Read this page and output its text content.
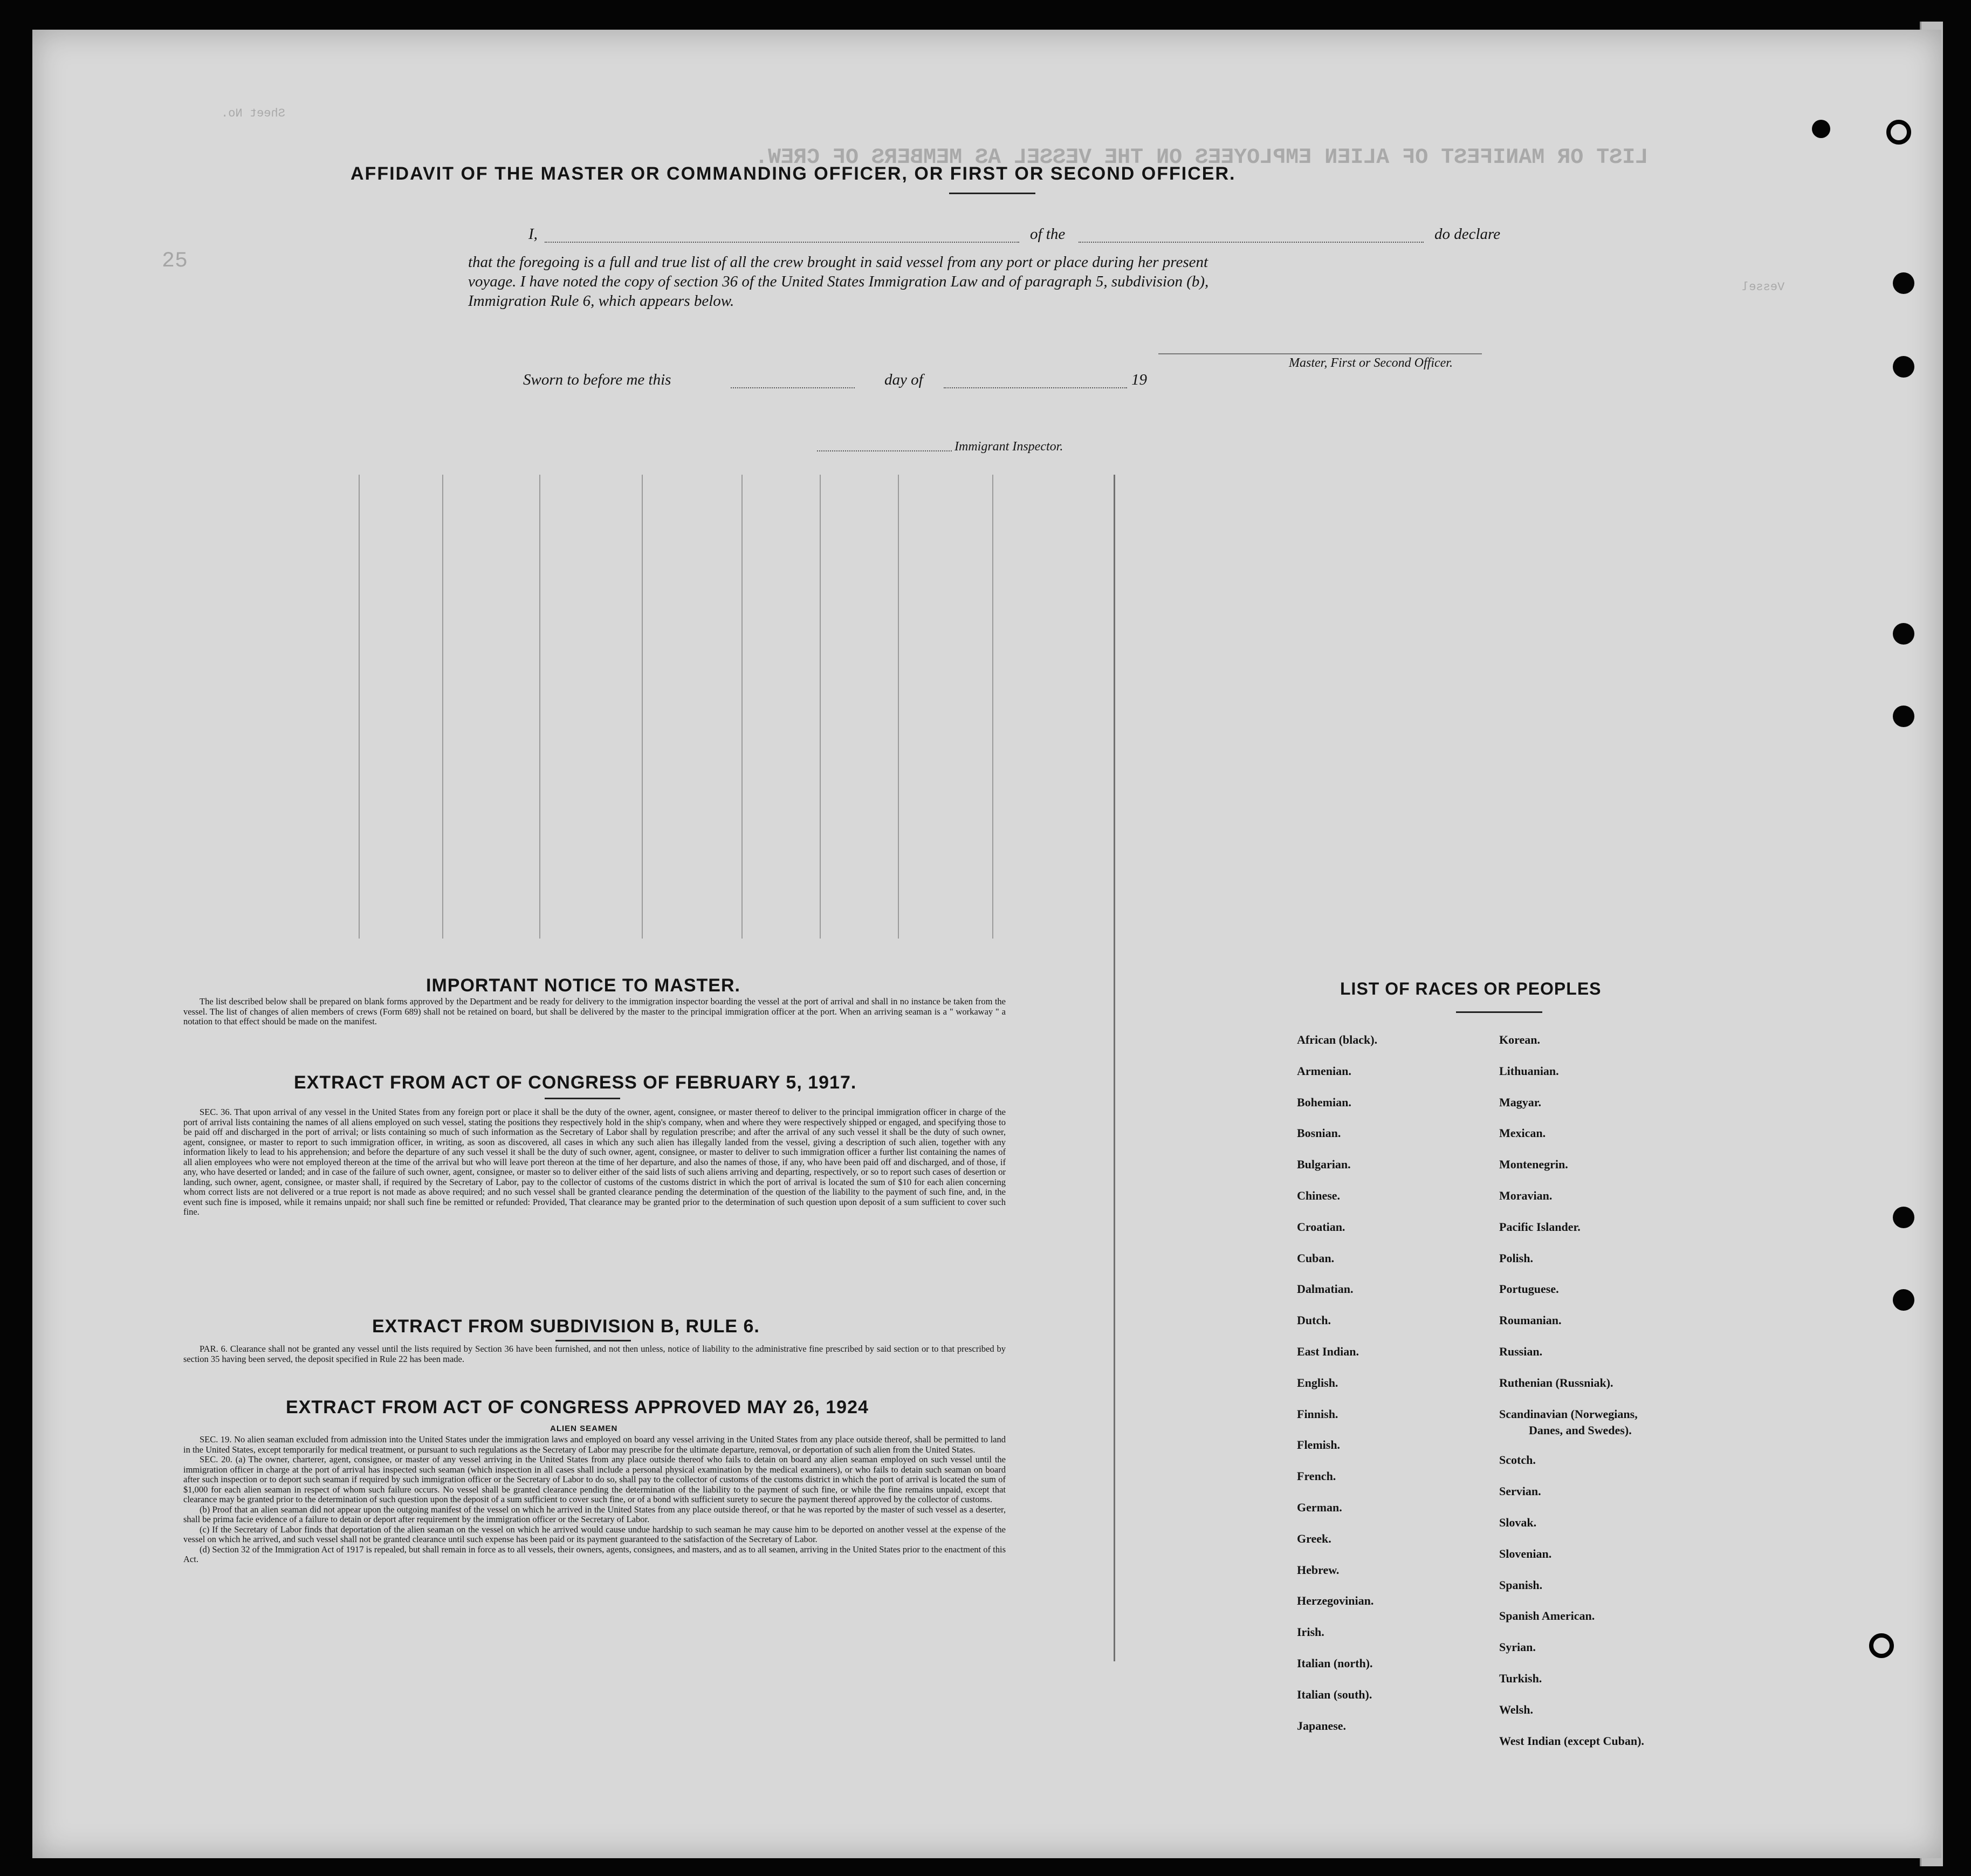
LIST OR MANIFEST OF ALIEN EMPLOYEES ON THE VESSEL AS MEMBERS OF CREW.
Sheet No.
25
Vessel
AFFIDAVIT OF THE MASTER OR COMMANDING OFFICER, OR FIRST OR SECOND OFFICER.
I,	of the	do declare
that the foregoing is a full and true list of all the crew brought in said vessel from any port or place during her present
voyage. I have noted the copy of section 36 of the United States Immigration Law and of paragraph 5, subdivision (b),
Immigration Rule 6, which appears below.
Master, First or Second Officer.
Sworn to before me this	day of	19
Immigrant Inspector.
IMPORTANT NOTICE TO MASTER.

The list described below shall be prepared on blank forms approved by the Department and be ready for delivery to the immigration inspector boarding the vessel at the port of arrival and shall in no instance be taken from the vessel. The list of changes of alien members of crews (Form 689) shall not be retained on board, but shall be delivered by the master to the principal immigration officer at the port. When an arriving seaman is a " workaway " a notation to that effect should be made on the manifest.

EXTRACT FROM ACT OF CONGRESS OF FEBRUARY 5, 1917.

SEC. 36. That upon arrival of any vessel in the United States from any foreign port or place it shall be the duty of the owner, agent, consignee, or master thereof to deliver to the principal immigration officer in charge of the port of arrival lists containing the names of all aliens employed on such vessel, stating the positions they respectively hold in the ship's company, when and where they were respectively shipped or engaged, and specifying those to be paid off and discharged in the port of arrival; or lists containing so much of such information as the Secretary of Labor shall by regulation prescribe; and after the arrival of any such vessel it shall be the duty of such owner, agent, consignee, or master to report to such immigration officer, in writing, as soon as discovered, all cases in which any such alien has illegally landed from the vessel, giving a description of such alien, together with any information likely to lead to his apprehension; and before the departure of any such vessel it shall be the duty of such owner, agent, consignee, or master to deliver to such immigration officer a further list containing the names of all alien employees who were not employed thereon at the time of the arrival but who will leave port thereon at the time of her departure, and also the names of those, if any, who have been paid off and discharged, and of those, if any, who have deserted or landed; and in case of the failure of such owner, agent, consignee, or master so to deliver either of the said lists of such aliens arriving and departing, respectively, or so to report such cases of desertion or landing, such owner, agent, consignee, or master shall, if required by the Secretary of Labor, pay to the collector of customs of the customs district in which the port of arrival is located the sum of $10 for each alien concerning whom correct lists are not delivered or a true report is not made as above required; and no such vessel shall be granted clearance pending the determination of the question of the liability to the payment of such fine, and, in the event such fine is imposed, while it remains unpaid; nor shall such fine be remitted or refunded: Provided, That clearance may be granted prior to the determination of such question upon deposit of a sum sufficient to cover such fine.

EXTRACT FROM SUBDIVISION B, RULE 6.

PAR. 6. Clearance shall not be granted any vessel until the lists required by Section 36 have been furnished, and not then unless, notice of liability to the administrative fine prescribed by said section or to that prescribed by section 35 having been served, the deposit specified in Rule 22 has been made.

EXTRACT FROM ACT OF CONGRESS APPROVED MAY 26, 1924
ALIEN SEAMEN

SEC. 19. No alien seaman excluded from admission into the United States under the immigration laws and employed on board any vessel arriving in the United States from any place outside thereof, shall be permitted to land in the United States, except temporarily for medical treatment, or pursuant to such regulations as the Secretary of Labor may prescribe for the ultimate departure, removal, or deportation of such alien from the United States.

SEC. 20. (a) The owner, charterer, agent, consignee, or master of any vessel arriving in the United States from any place outside thereof who fails to detain on board any alien seaman employed on such vessel until the immigration officer in charge at the port of arrival has inspected such seaman (which inspection in all cases shall include a personal physical examination by the medical examiners), or who fails to detain such seaman on board after such inspection or to deport such seaman if required by such immigration officer or the Secretary of Labor to do so, shall pay to the collector of customs of the customs district in which the port of arrival is located the sum of $1,000 for each alien seaman in respect of whom such failure occurs. No vessel shall be granted clearance pending the determination of the liability to the payment of such fine, or while the fine remains unpaid, except that clearance may be granted prior to the determination of such question upon the deposit of a sum sufficient to cover such fine, or of a bond with sufficient surety to secure the payment thereof approved by the collector of customs.

(b) Proof that an alien seaman did not appear upon the outgoing manifest of the vessel on which he arrived in the United States from any place outside thereof, or that he was reported by the master of such vessel as a deserter, shall be prima facie evidence of a failure to detain or deport after requirement by the immigration officer or the Secretary of Labor.

(c) If the Secretary of Labor finds that deportation of the alien seaman on the vessel on which he arrived would cause undue hardship to such seaman he may cause him to be deported on another vessel at the expense of the vessel on which he arrived, and such vessel shall not be granted clearance until such expense has been paid or its payment guaranteed to the satisfaction of the Secretary of Labor.

(d) Section 32 of the Immigration Act of 1917 is repealed, but shall remain in force as to all vessels, their owners, agents, consignees, and masters, and as to all seamen, arriving in the United States prior to the enactment of this Act.

LIST OF RACES OR PEOPLES
African (black).
Armenian.
Bohemian.
Bosnian.
Bulgarian.
Chinese.
Croatian.
Cuban.
Dalmatian.
Dutch.
East Indian.
English.
Finnish.
Flemish.
French.
German.
Greek.
Hebrew.
Herzegovinian.
Irish.
Italian (north).
Italian (south).
Japanese.
Korean.
Lithuanian.
Magyar.
Mexican.
Montenegrin.
Moravian.
Pacific Islander.
Polish.
Portuguese.
Roumanian.
Russian.
Ruthenian (Russniak).
Scandinavian (Norwegians,
Scotch.
Servian.
Slovak.
Slovenian.
Spanish.
Spanish American.
Syrian.
Turkish.
Welsh.
West Indian (except Cuban).
Danes, and Swedes).
